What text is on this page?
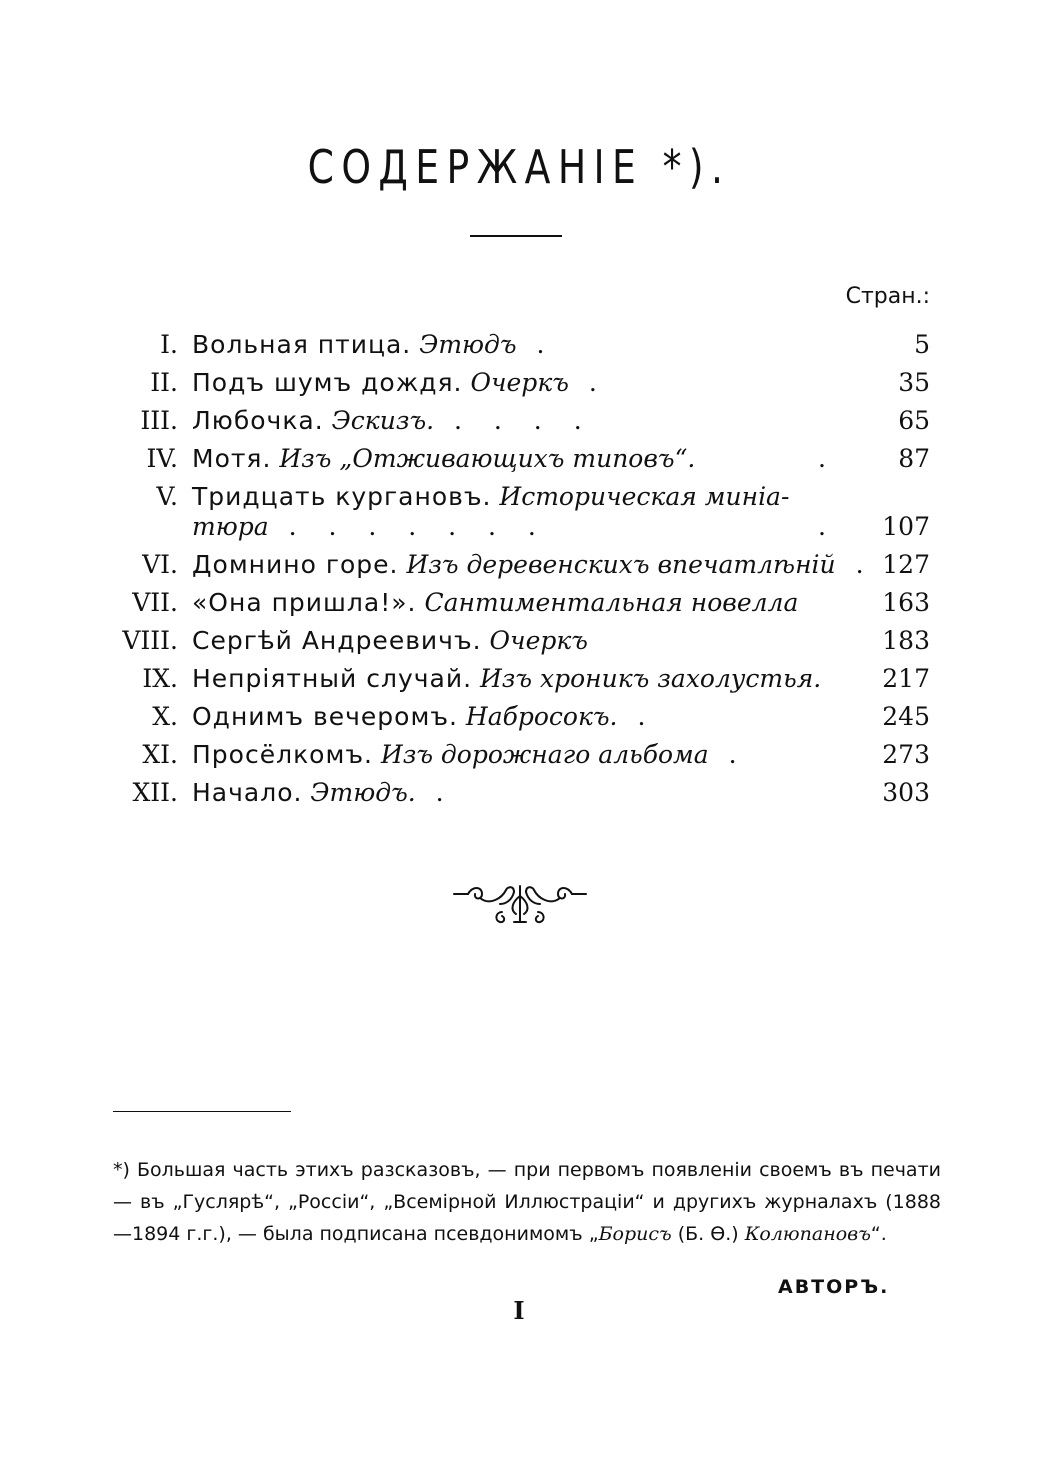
СОДЕРЖАНІЕ *).
Стран.:
I. Вольная птица. Этюдъ .	5
II. Подъ шумъ дождя. Очеркъ .	35
III. Любочка. Эскизъ. . . . .	65
IV. Мотя. Изъ „Отживающихъ типовъ“.	.	87
V. Тридцать кургановъ. Историческая миніа-
тюра . . . . . . .	. 107
VI. Домнино горе. Изъ деревенскихъ впечатлѣній . 127
VII. «Она пришла!». Сантиментальная новелла	163
VIII. Сергѣй Андреевичъ. Очеркъ	183
IX. Непріятный случай. Изъ хроникъ захолустья. 217
X. Однимъ вечеромъ. Набросокъ. .	245
XI. Просёлкомъ. Изъ дорожнаго альбома .	273
XII. Начало. Этюдъ. .	303
*) Большая часть этихъ разсказовъ, — при первомъ появленіи своемъ въ печати — въ „Гуслярѣ“, „Россіи“, „Всемірной Иллюстраціи“ и другихъ журналахъ (1888—1894 г.г.), — была подписана псевдонимомъ „Борисъ (Б. Ѳ.) Колюпановъ“.
АВТОРЪ.
I
